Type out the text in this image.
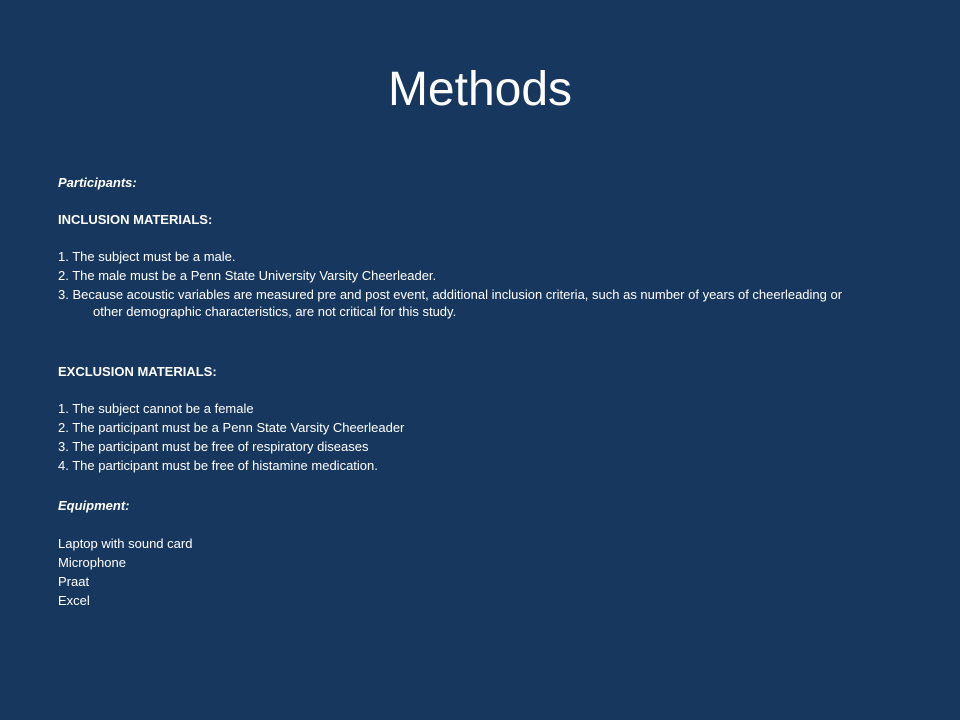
Methods

Participants:

INCLUSION MATERIALS:

1. The subject must be a male.

2. The male must be a Penn State University Varsity Cheerleader.

3. Because acoustic variables are measured pre and post event, additional inclusion criteria, such as number of years of cheerleading or other demographic characteristics, are not critical for this study.

EXCLUSION MATERIALS:

1. The subject cannot be a female

2. The participant must be a Penn State Varsity Cheerleader

3. The participant must be free of respiratory diseases

4. The participant must be free of histamine medication.

Equipment:

Laptop with sound card

Microphone

Praat

Excel
